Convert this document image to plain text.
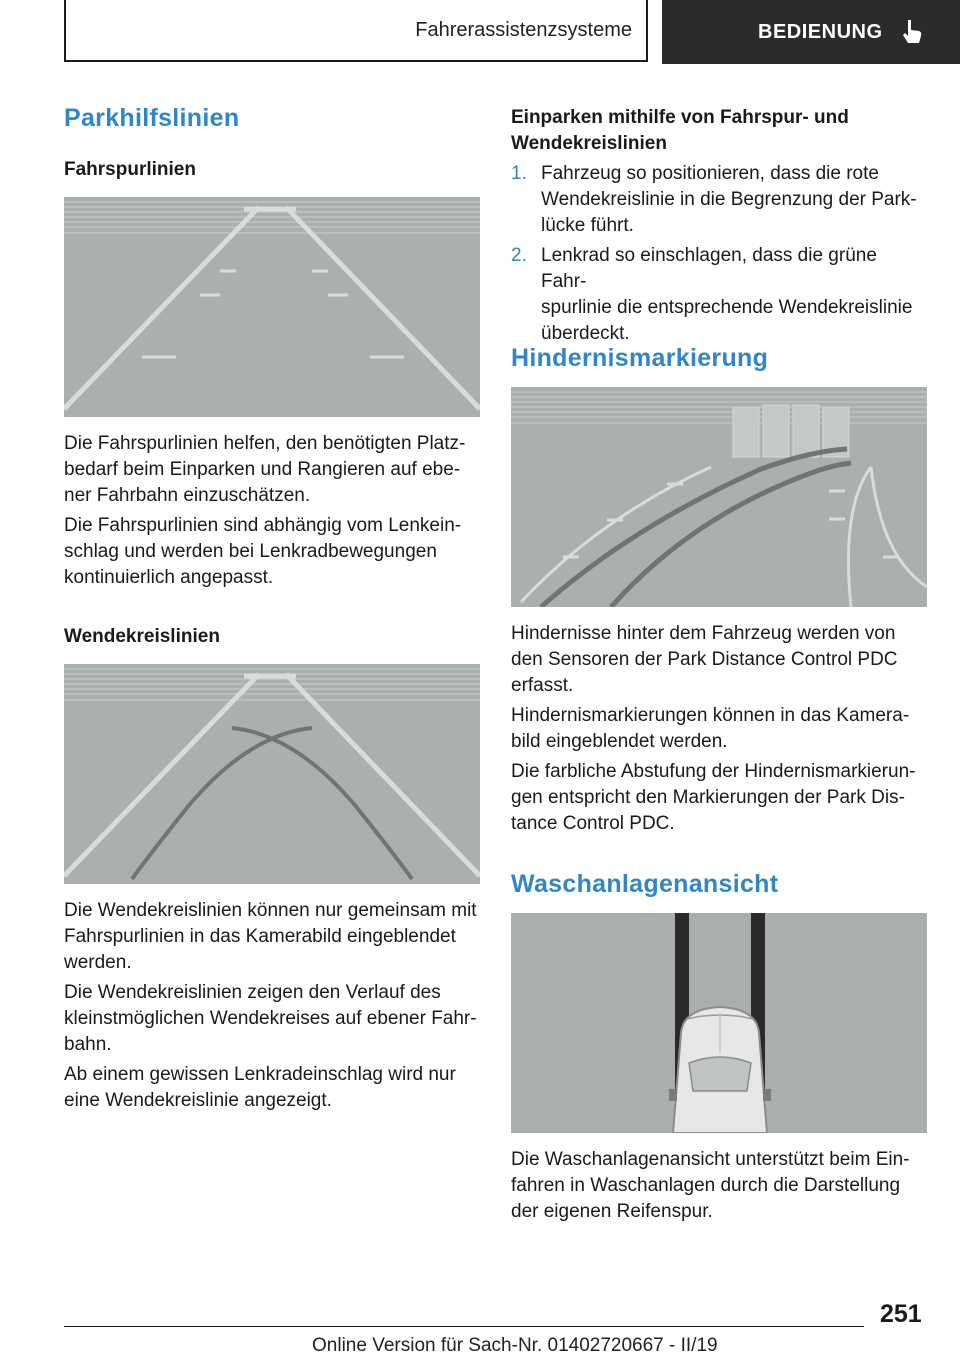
Fahrerassistenzsysteme	BEDIENUNG
Parkhilfslinien
Fahrspurlinien

Die Fahrspurlinien helfen, den benötigten Platz-
bedarf beim Einparken und Rangieren auf ebe-
ner Fahrbahn einzuschätzen.

Die Fahrspurlinien sind abhängig vom Lenkein-
schlag und werden bei Lenkradbewegungen
kontinuierlich angepasst.

Wendekreislinien

Die Wendekreislinien können nur gemeinsam mit
Fahrspurlinien in das Kamerabild eingeblendet
werden.

Die Wendekreislinien zeigen den Verlauf des
kleinstmöglichen Wendekreises auf ebener Fahr-
bahn.

Ab einem gewissen Lenkradeinschlag wird nur
eine Wendekreislinie angezeigt.

Einparken mithilfe von Fahrspur- und
Wendekreislinien
1. Fahrzeug so positionieren, dass die rote
Wendekreislinie in die Begrenzung der Park-
lücke führt.
2. Lenkrad so einschlagen, dass die grüne Fahr-
spurlinie die entsprechende Wendekreislinie
überdeckt.
Hindernismarkierung

Hindernisse hinter dem Fahrzeug werden von
den Sensoren der Park Distance Control PDC
erfasst.

Hindernismarkierungen können in das Kamera-
bild eingeblendet werden.

Die farbliche Abstufung der Hindernismarkierun-
gen entspricht den Markierungen der Park Dis-
tance Control PDC.

Waschanlagenansicht

Die Waschanlagenansicht unterstützt beim Ein-
fahren in Waschanlagen durch die Darstellung
der eigenen Reifenspur.

251
Online Version für Sach-Nr. 01402720667 - II/19
